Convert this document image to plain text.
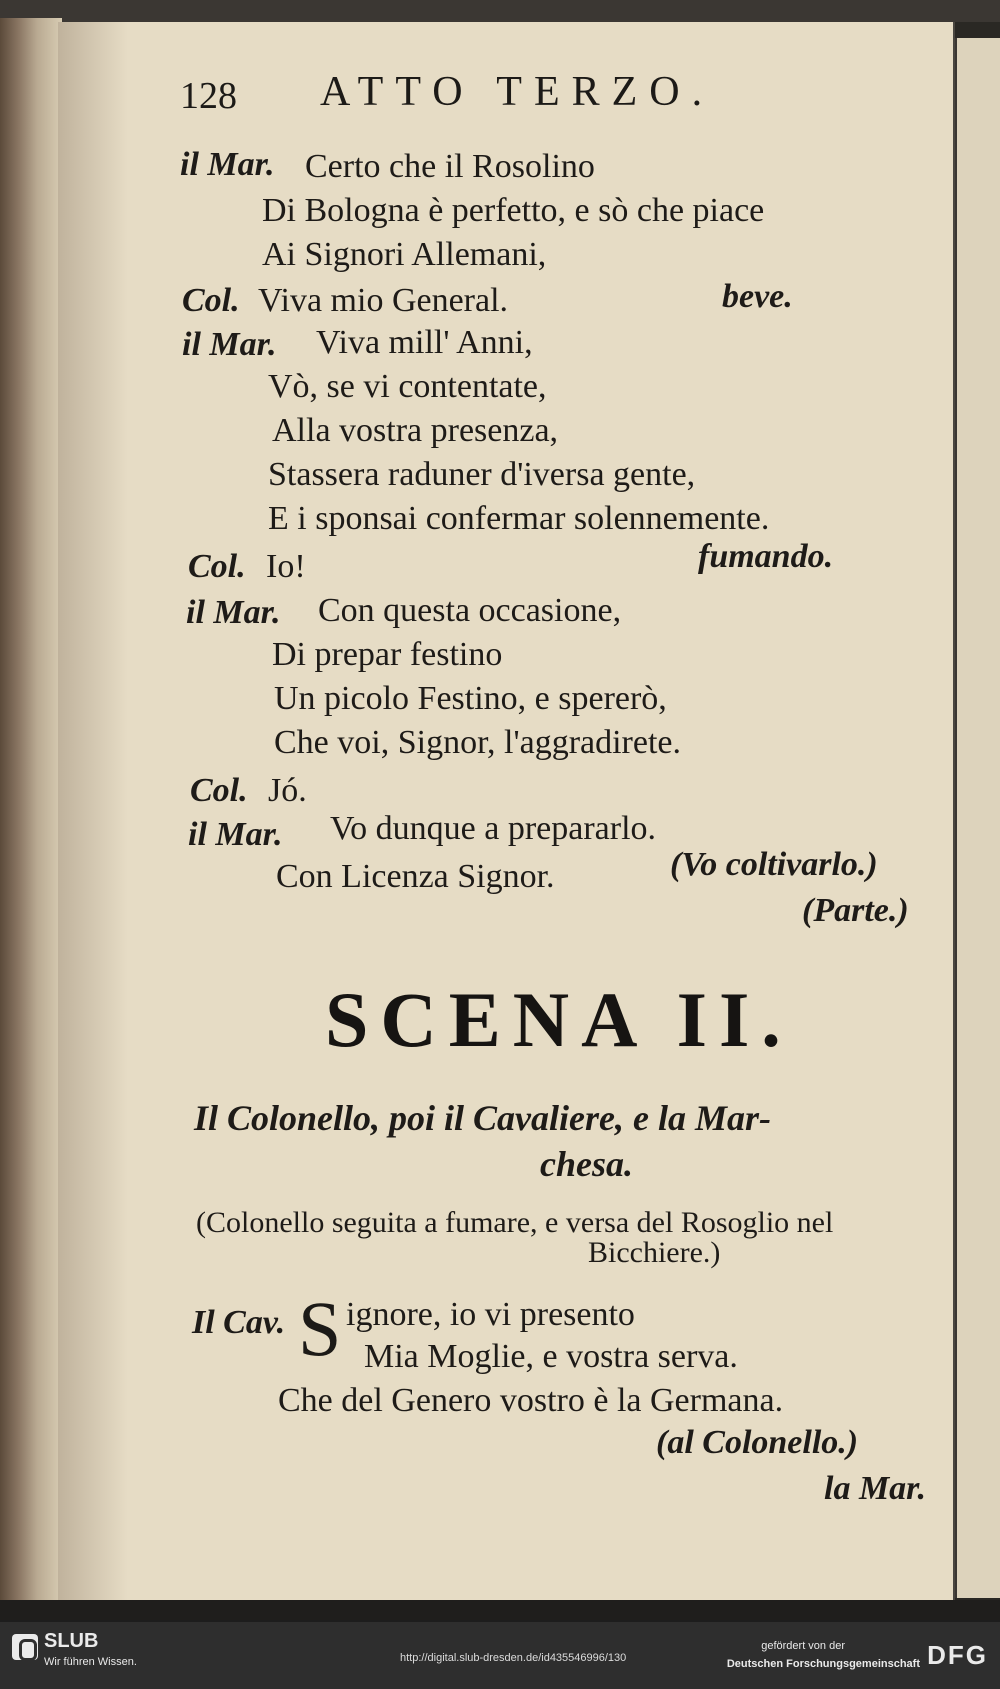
128 ATTO TERZO.
il Mar. Certo che il Rosolino
Di Bologna è perfetto, e sò che piace
Ai Signori Allemani,
Col. Viva mio General.	beve.
il Mar. Viva mill' Anni,
Vò, se vi contentate,
Alla vostra presenza,
Stassera raduner d'iversa gente,
E i sponsai confermar solennemente.
Col. Io!	fumando.
il Mar. Con questa occasione,
Di prepar festino
Un picolo Festino, e spererò,
Che voi, Signor, l'aggradirete.
Col. Jó.
il Mar. Vo dunque a prepararlo.
Con Licenza Signor.	(Vo coltivarlo.)
(Parte.)
SCENA II.
Il Colonello, poi il Cavaliere, e la Mar-
chesa.
(Colonello seguita a fumare, e versa del Rosoglio nel
Bicchiere.)
Il Cav. S ignore, io vi presento
Mia Moglie, e vostra serva.
Che del Genero vostro è la Germana.
(al Colonello.)
la Mar.
SLUB
Wir führen Wissen.	http://digital.slub-dresden.de/id435546996/130
gefördert von der
Deutschen Forschungsgemeinschaft DFG
